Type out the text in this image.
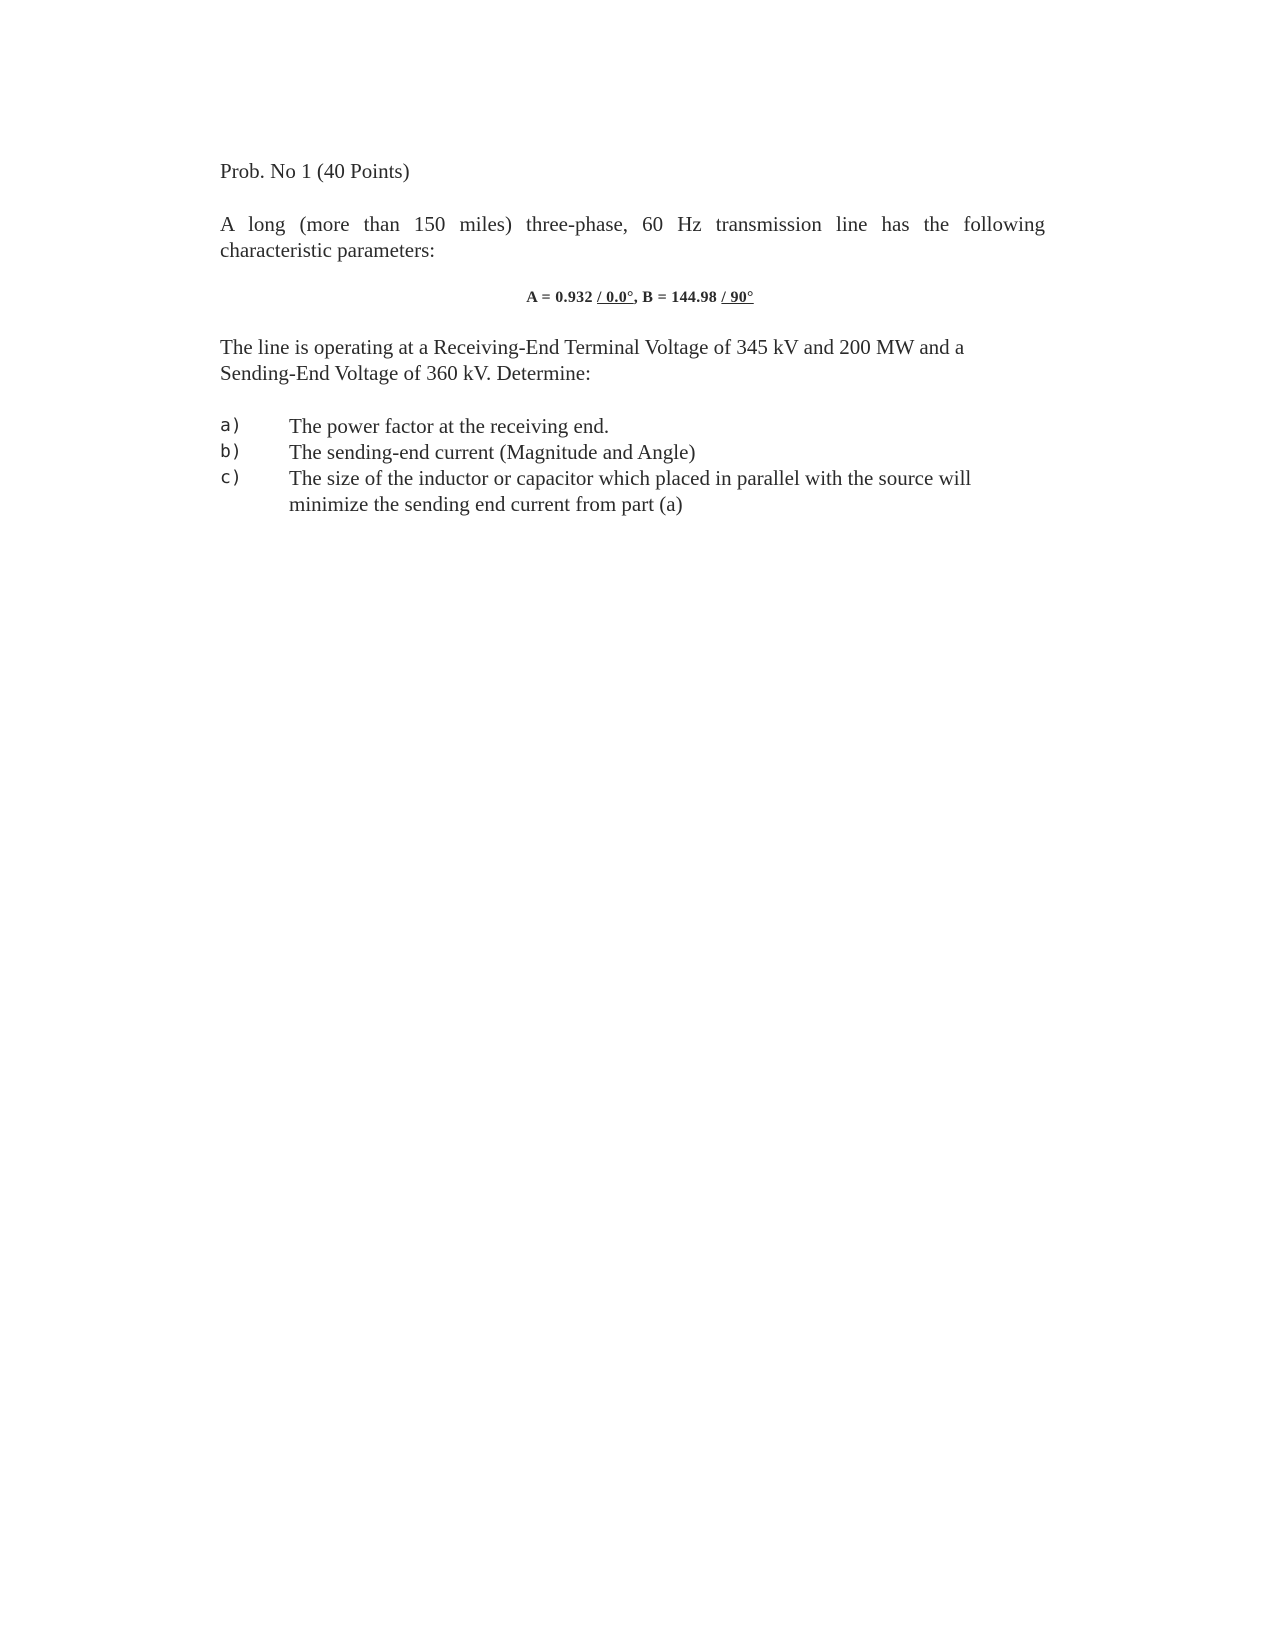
Prob. No 1 (40 Points)
A long (more than 150 miles) three-phase, 60 Hz transmission line has the following characteristic parameters:
A = 0.932 / 0.0°, B = 144.98 / 90°
The line is operating at a Receiving-End Terminal Voltage of 345 kV and 200 MW and a
Sending-End Voltage of 360 kV. Determine:
a) The power factor at the receiving end.
b) The sending-end current (Magnitude and Angle)
c) The size of the inductor or capacitor which placed in parallel with the source will
minimize the sending end current from part (a)
